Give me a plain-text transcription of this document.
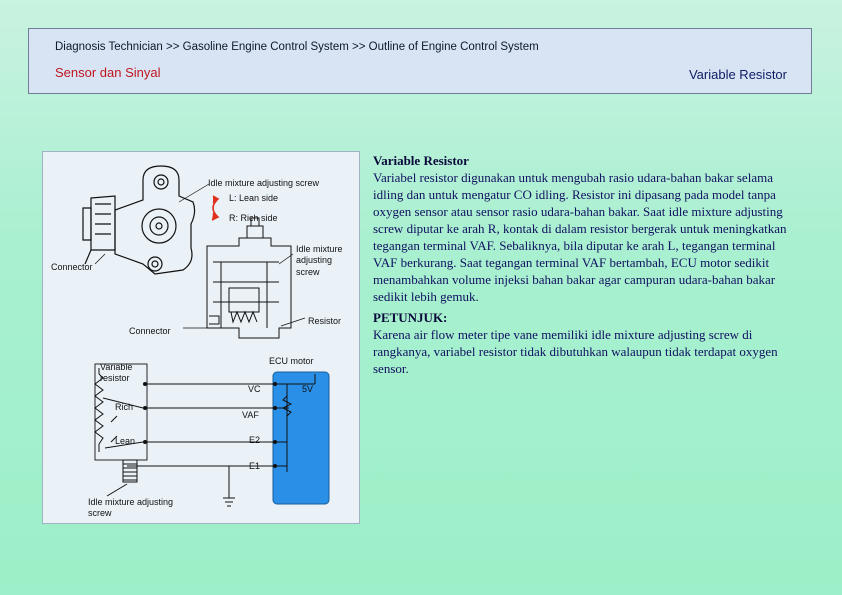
Diagnosis Technician >> Gasoline Engine Control System >> Outline of Engine Control System
Sensor dan Sinyal	Variable Resistor
Idle mixture adjusting screw
L: Lean side
R: Rich side
Idle mixture adjusting screw
Connector
Resistor
Connector
ECU motor
Variable resistor
VC	5V
Rich
VAF
Lean	E2
E1
Idle mixture adjusting screw

Variable Resistor

Variabel resistor digunakan untuk mengubah rasio udara-bahan bakar selama idling dan untuk mengatur CO idling. Resistor ini dipasang pada model tanpa oxygen sensor atau sensor rasio udara-bahan bakar. Saat idle mixture adjusting screw diputar ke arah R, kontak di dalam resistor bergerak untuk meningkatkan tegangan terminal VAF. Sebaliknya, bila diputar ke arah L, tegangan terminal VAF berkurang. Saat tegangan terminal VAF bertambah, ECU motor sedikit menambahkan volume injeksi bahan bakar agar campuran udara-bahan bakar sedikit lebih gemuk.

PETUNJUK:

Karena air flow meter tipe vane memiliki idle mixture adjusting screw di rangkanya, variabel resistor tidak dibutuhkan walaupun tidak terdapat oxygen sensor.
